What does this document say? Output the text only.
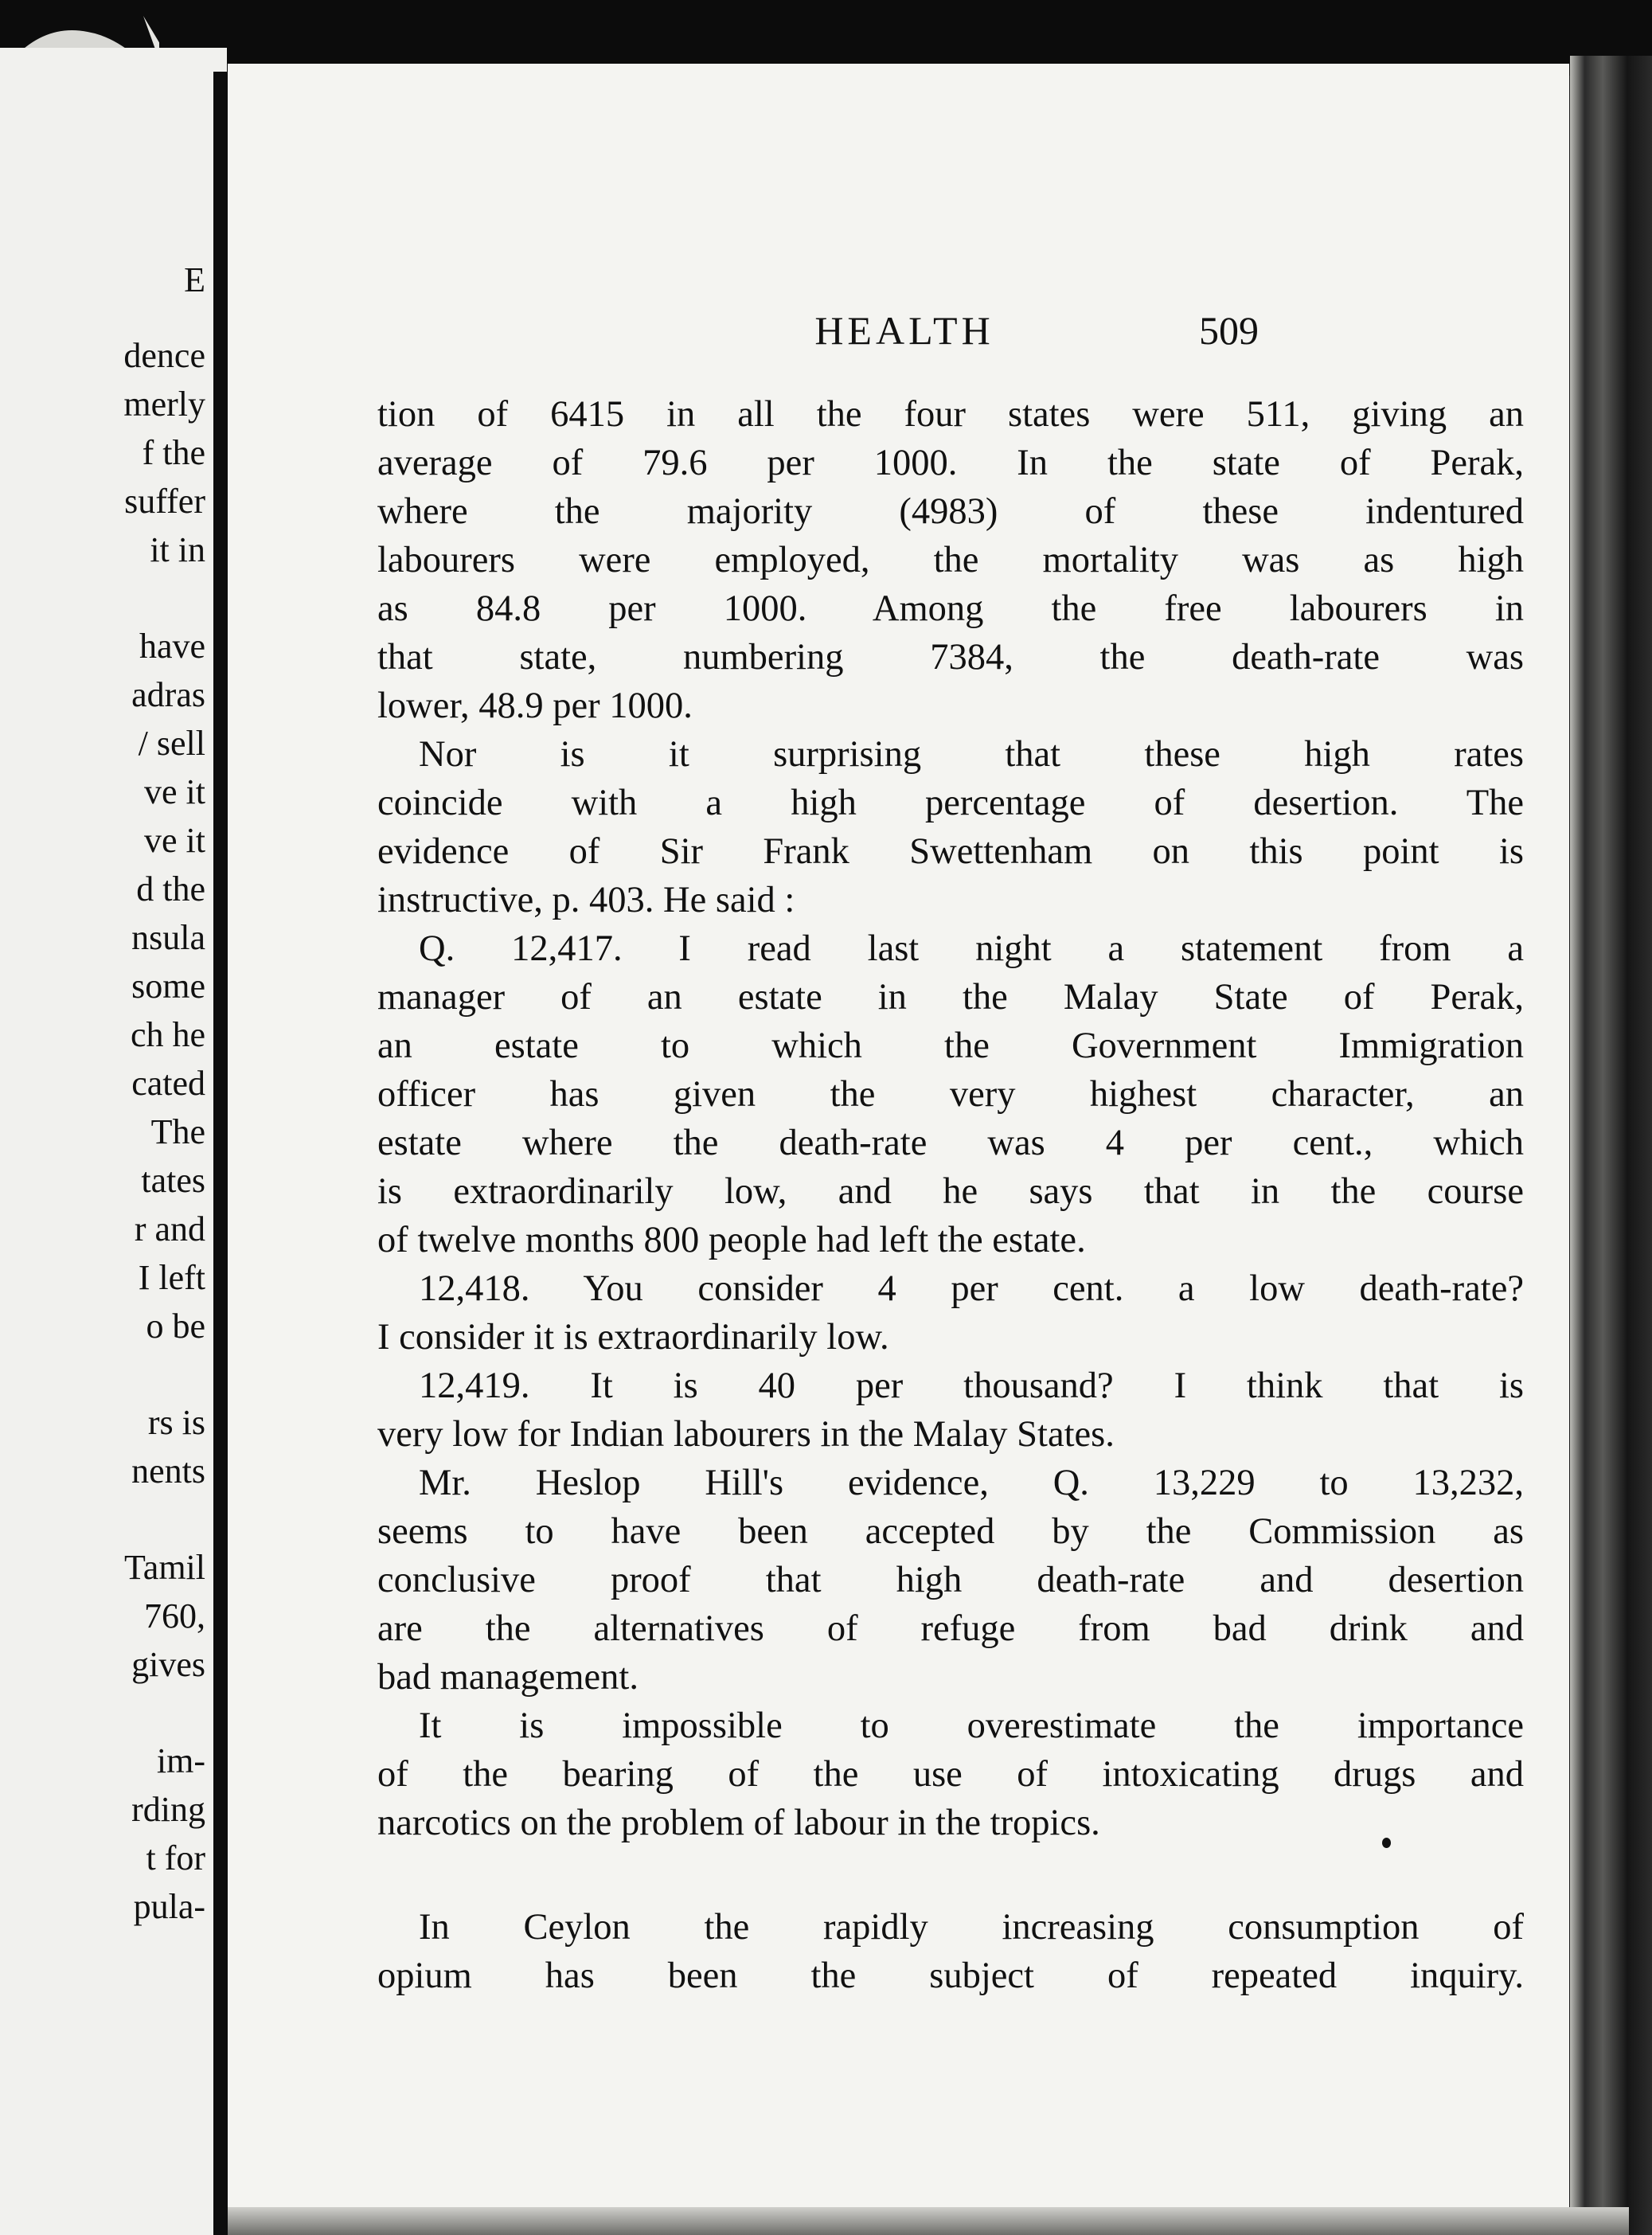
E
dence
merly
f the
suffer
it in
have
adras
/ sell
ve it
ve it
d the
nsula
some
ch he
cated
The
tates
r and
I left
o be
rs is
nents
Tamil
760,
gives
im-
rding
t for
pula-
HEALTH	509
tion of 6415 in all the four states were 511, giving an
average of 79.6 per 1000. In the state of Perak,
where the majority (4983) of these indentured
labourers were employed, the mortality was as high
as 84.8 per 1000. Among the free labourers in
that state, numbering 7384, the death-rate was
lower, 48.9 per 1000.
Nor is it surprising that these high rates
coincide with a high percentage of desertion. The
evidence of Sir Frank Swettenham on this point is
instructive, p. 403. He said :
Q. 12,417. I read last night a statement from a
manager of an estate in the Malay State of Perak,
an estate to which the Government Immigration
officer has given the very highest character, an
estate where the death-rate was 4 per cent., which
is extraordinarily low, and he says that in the course
of twelve months 800 people had left the estate.
12,418. You consider 4 per cent. a low death-rate?
I consider it is extraordinarily low.
12,419. It is 40 per thousand? I think that is
very low for Indian labourers in the Malay States.
Mr. Heslop Hill's evidence, Q. 13,229 to 13,232,
seems to have been accepted by the Commission as
conclusive proof that high death-rate and desertion
are the alternatives of refuge from bad drink and
bad management.
It is impossible to overestimate the importance
of the bearing of the use of intoxicating drugs and
narcotics on the problem of labour in the tropics.
In Ceylon the rapidly increasing consumption of
opium has been the subject of repeated inquiry.
